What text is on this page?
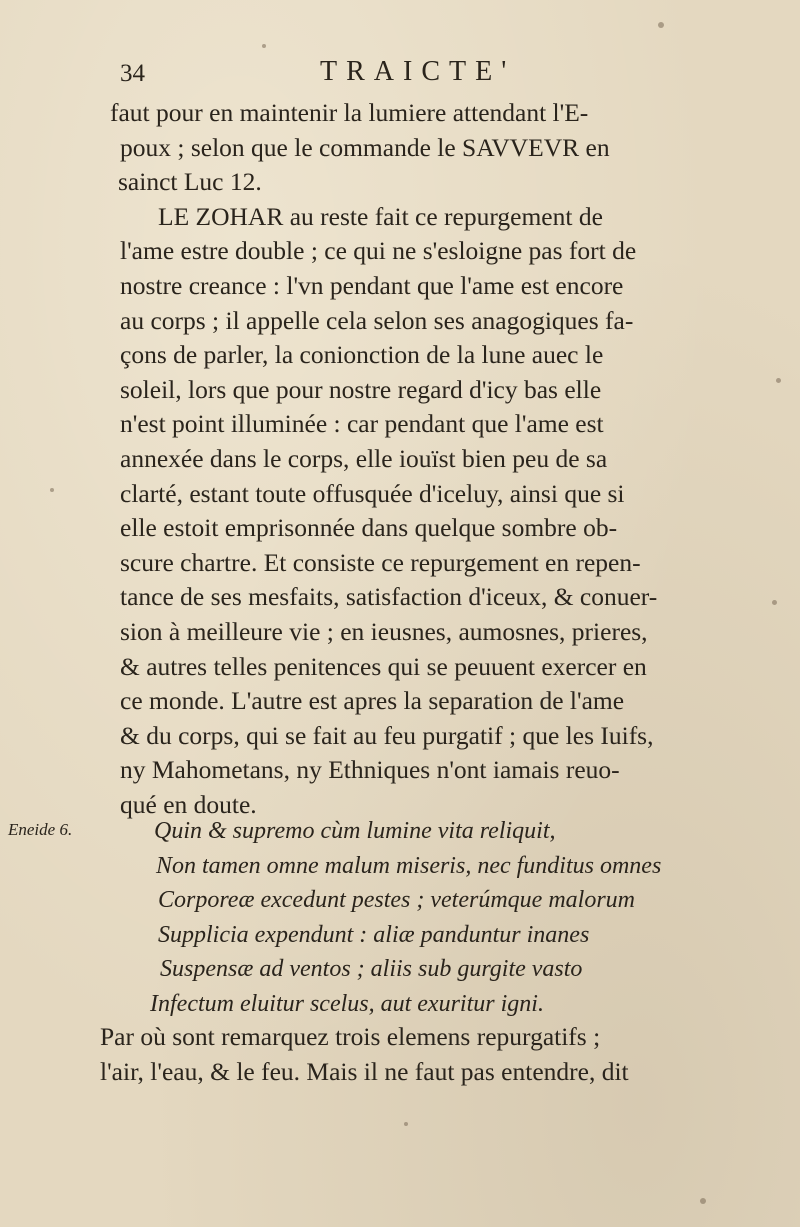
34	TRAICTE'
faut pour en maintenir la lumiere attendant l'E-
poux ; selon que le commande le SAVVEVR en
sainct Luc 12.
LE ZOHAR au reste fait ce repurgement de
l'ame estre double ; ce qui ne s'esloigne pas fort de
nostre creance : l'vn pendant que l'ame est encore
au corps ; il appelle cela selon ses anagogiques fa-
çons de parler, la conionction de la lune auec le
soleil, lors que pour nostre regard d'icy bas elle
n'est point illuminée : car pendant que l'ame est
annexée dans le corps, elle iouïst bien peu de sa
clarté, estant toute offusquée d'iceluy, ainsi que si
elle estoit emprisonnée dans quelque sombre ob-
scure chartre. Et consiste ce repurgement en repen-
tance de ses mesfaits, satisfaction d'iceux, & conuer-
sion à meilleure vie ; en ieusnes, aumosnes, prieres,
& autres telles penitences qui se peuuent exercer en
ce monde. L'autre est apres la separation de l'ame
& du corps, qui se fait au feu purgatif ; que les Iuifs,
ny Mahometans, ny Ethniques n'ont iamais reuo-
qué en doute.
Eneide 6.	Quin & supremo cùm lumine vita reliquit,
Non tamen omne malum miseris, nec funditus omnes
Corporeæ excedunt pestes ; veterúmque malorum
Supplicia expendunt : aliæ panduntur inanes
Suspensæ ad ventos ; aliis sub gurgite vasto
Infectum eluitur scelus, aut exuritur igni.
Par où sont remarquez trois elemens repurgatifs ;
l'air, l'eau, & le feu. Mais il ne faut pas entendre, dit
